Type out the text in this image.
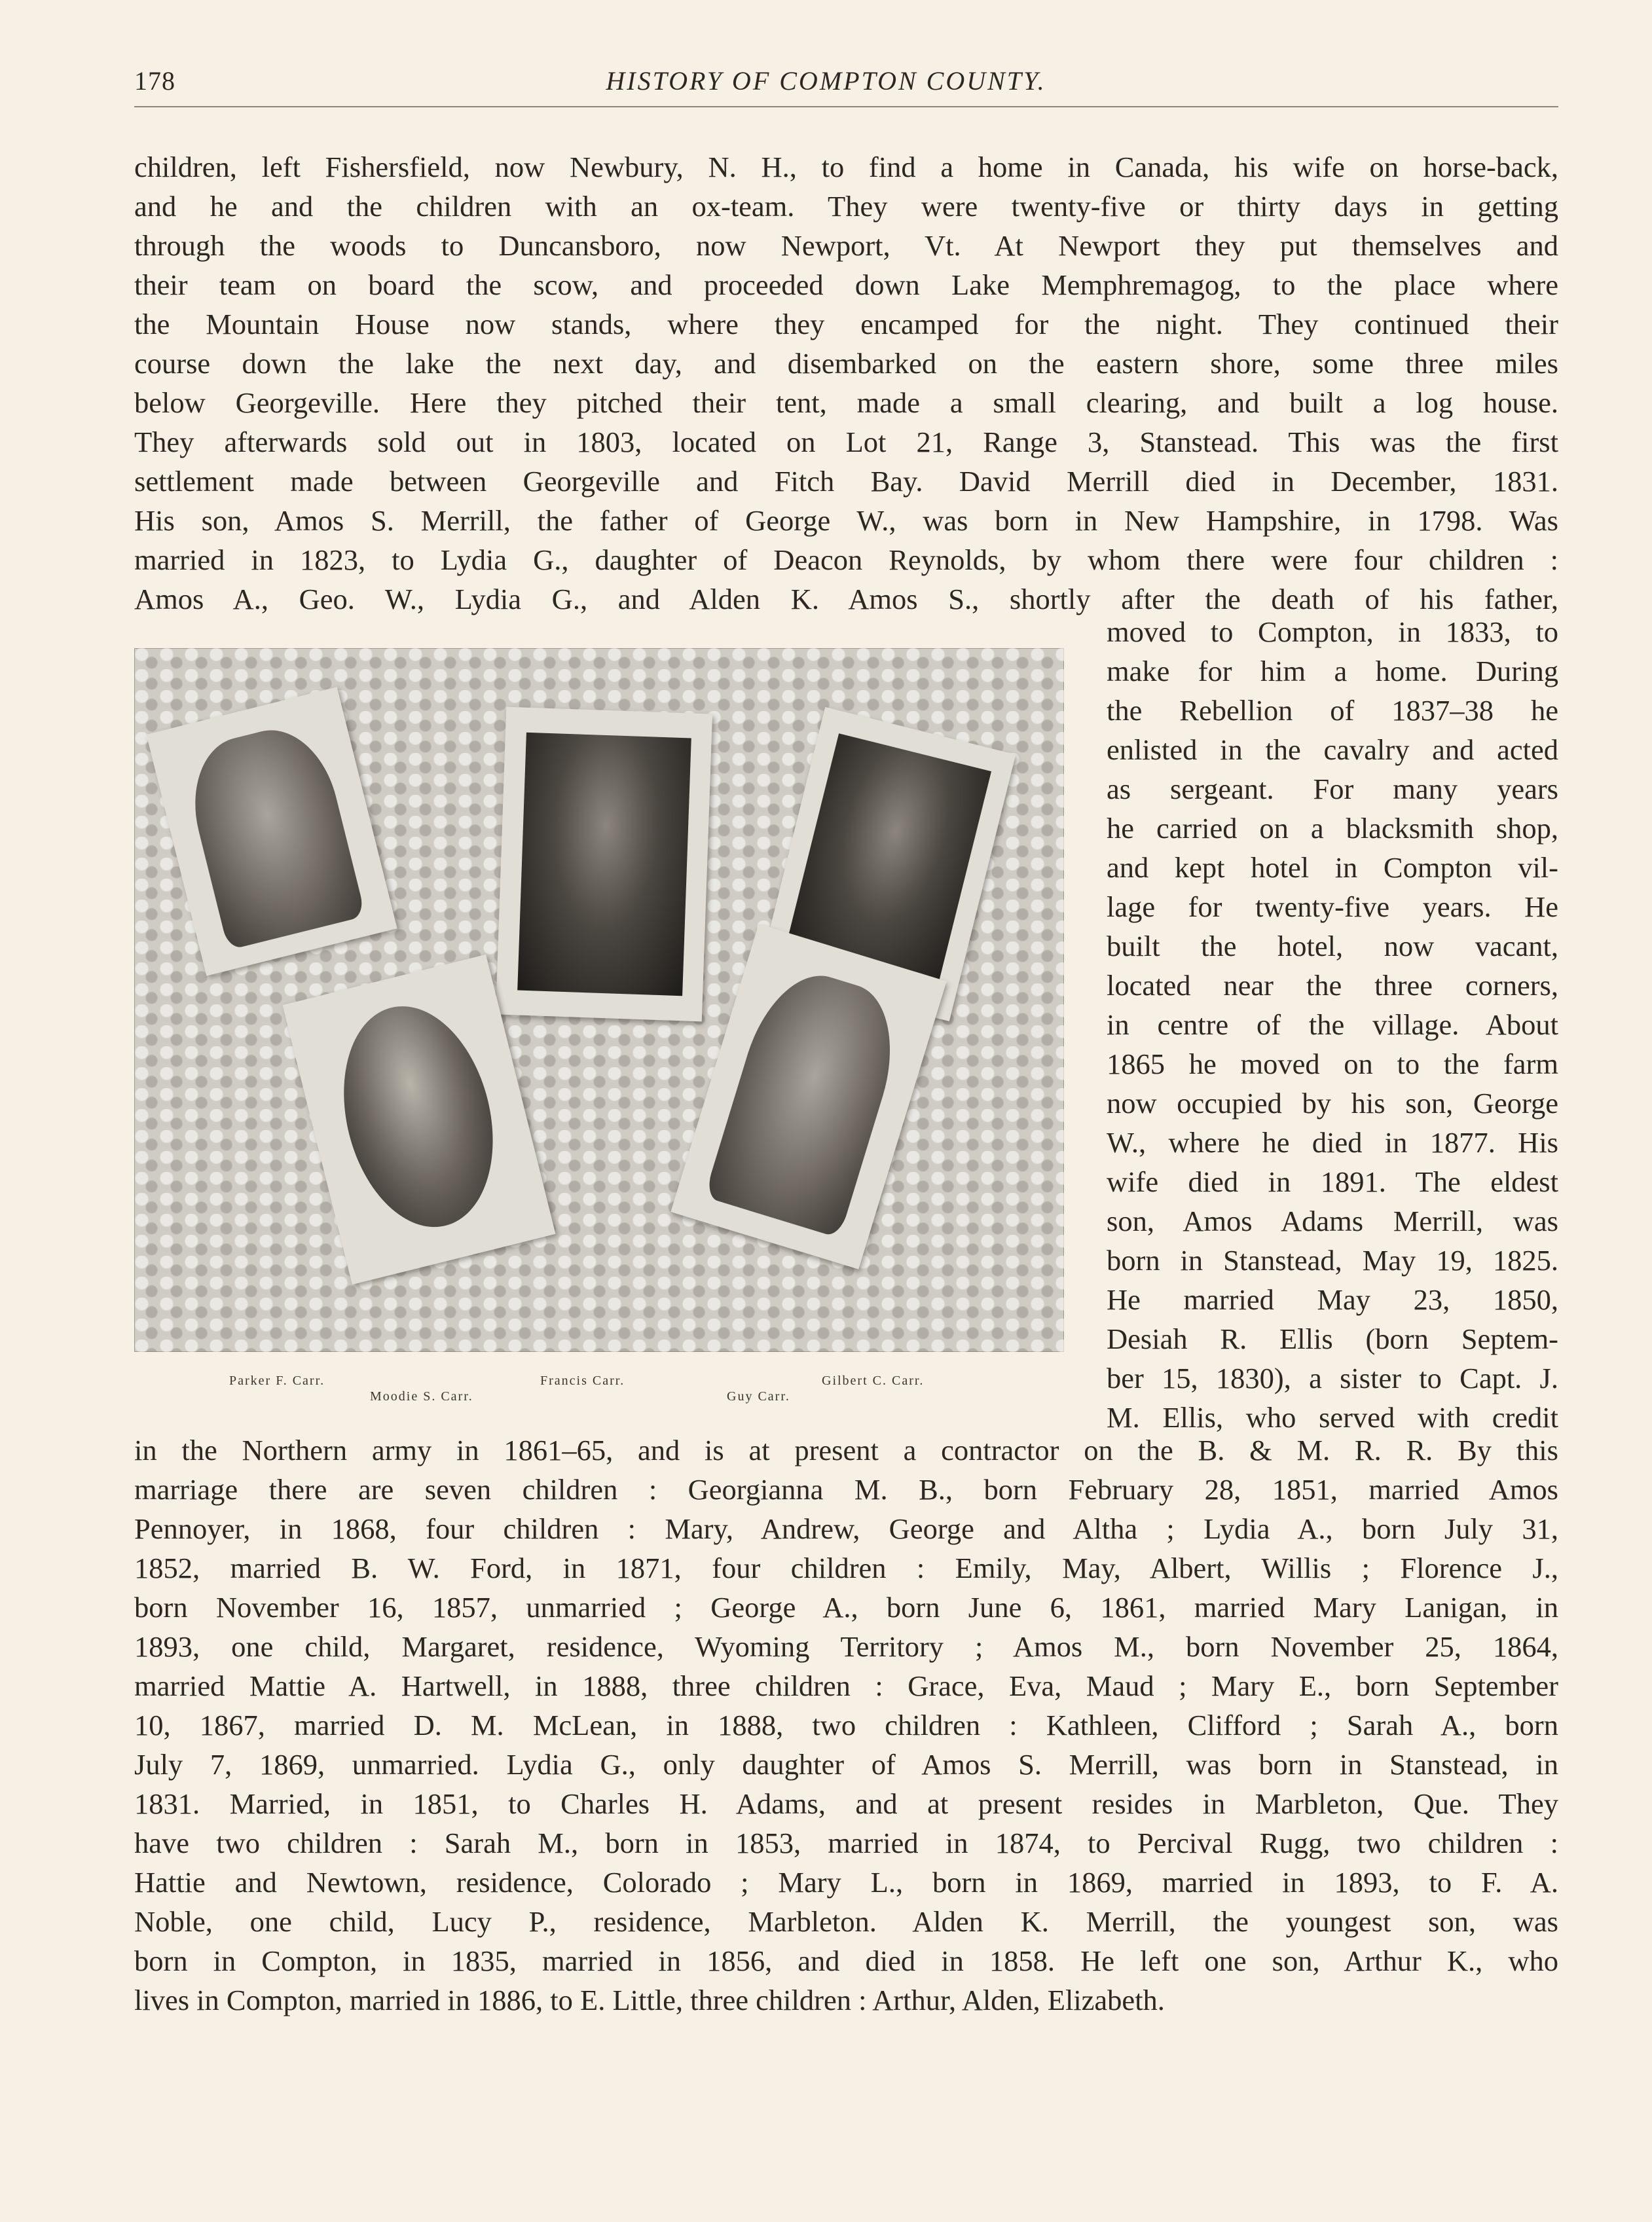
178	HISTORY OF COMPTON COUNTY.
children, left Fishersfield, now Newbury, N. H., to find a home in Canada, his wife on horse-back,
and he and the children with an ox-team. They were twenty-five or thirty days in getting
through the woods to Duncansboro, now Newport, Vt. At Newport they put themselves and
their team on board the scow, and proceeded down Lake Memphremagog, to the place where
the Mountain House now stands, where they encamped for the night. They continued their
course down the lake the next day, and disembarked on the eastern shore, some three miles
below Georgeville. Here they pitched their tent, made a small clearing, and built a log house.
They afterwards sold out in 1803, located on Lot 21, Range 3, Stanstead. This was the first
settlement made between Georgeville and Fitch Bay. David Merrill died in December, 1831.
His son, Amos S. Merrill, the father of George W., was born in New Hampshire, in 1798. Was
married in 1823, to Lydia G., daughter of Deacon Reynolds, by whom there were four children :
Amos A., Geo. W., Lydia G., and Alden K. Amos S., shortly after the death of his father,
moved to Compton, in 1833, to
make for him a home. During
the Rebellion of 1837–38 he
enlisted in the cavalry and acted
as sergeant. For many years
he carried on a blacksmith shop,
and kept hotel in Compton vil-
lage for twenty-five years. He
built the hotel, now vacant,
located near the three corners,
in centre of the village. About
1865 he moved on to the farm
now occupied by his son, George
W., where he died in 1877. His
wife died in 1891. The eldest
son, Amos Adams Merrill, was
born in Stanstead, May 19, 1825.
He married May 23, 1850,
Desiah R. Ellis (born Septem-
ber 15, 1830), a sister to Capt. J.
M. Ellis, who served with credit
in the Northern army in 1861–65, and is at present a contractor on the B. & M. R. R. By this
marriage there are seven children : Georgianna M. B., born February 28, 1851, married Amos
Pennoyer, in 1868, four children : Mary, Andrew, George and Altha ; Lydia A., born July 31,
1852, married B. W. Ford, in 1871, four children : Emily, May, Albert, Willis ; Florence J.,
born November 16, 1857, unmarried ; George A., born June 6, 1861, married Mary Lanigan, in
1893, one child, Margaret, residence, Wyoming Territory ; Amos M., born November 25, 1864,
married Mattie A. Hartwell, in 1888, three children : Grace, Eva, Maud ; Mary E., born September
10, 1867, married D. M. McLean, in 1888, two children : Kathleen, Clifford ; Sarah A., born
July 7, 1869, unmarried. Lydia G., only daughter of Amos S. Merrill, was born in Stanstead, in
1831. Married, in 1851, to Charles H. Adams, and at present resides in Marbleton, Que. They
have two children : Sarah M., born in 1853, married in 1874, to Percival Rugg, two children :
Hattie and Newtown, residence, Colorado ; Mary L., born in 1869, married in 1893, to F. A.
Noble, one child, Lucy P., residence, Marbleton. Alden K. Merrill, the youngest son, was
born in Compton, in 1835, married in 1856, and died in 1858. He left one son, Arthur K., who
lives in Compton, married in 1886, to E. Little, three children : Arthur, Alden, Elizabeth.
Parker F. Carr.
Moodie S. Carr.
Francis Carr.
Guy Carr.
Gilbert C. Carr.
